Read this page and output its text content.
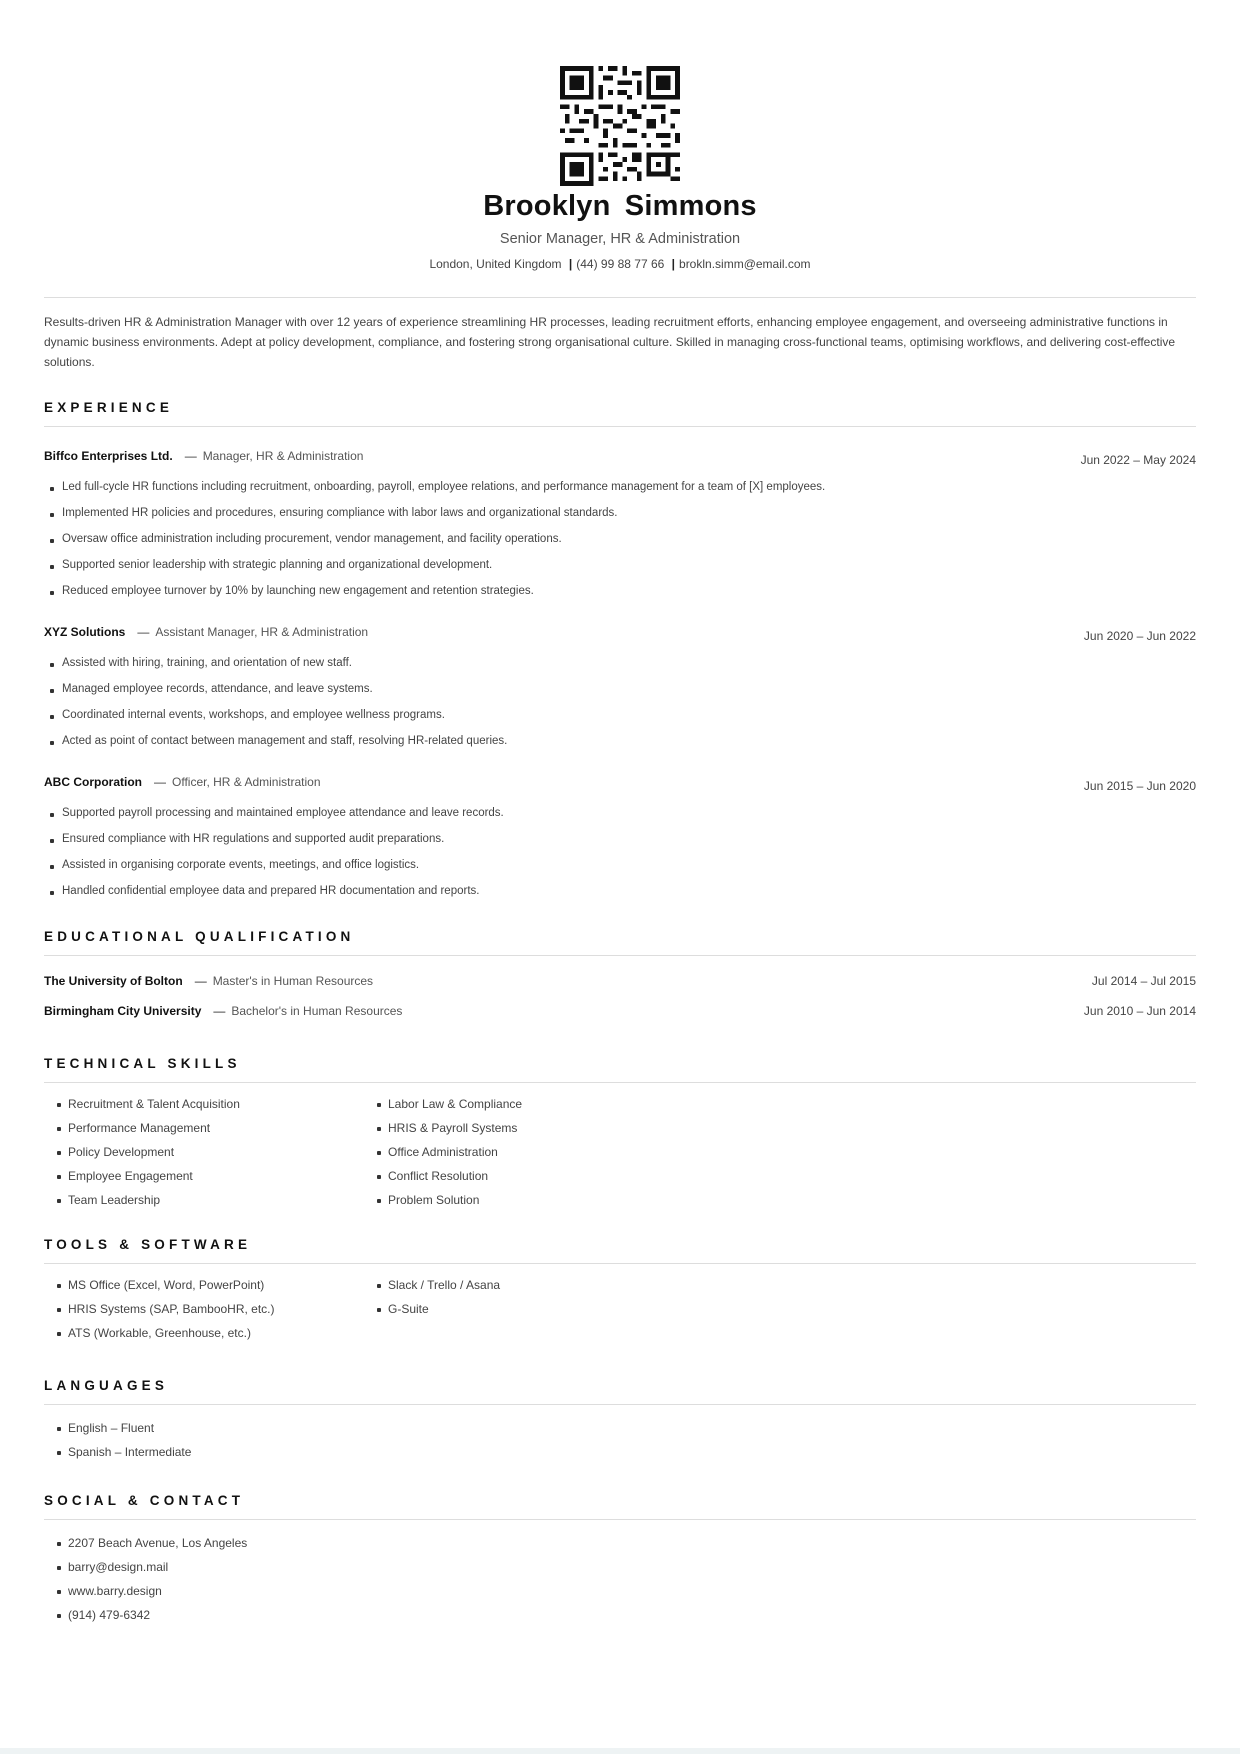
Brooklyn Simmons
Senior Manager, HR & Administration
London, United Kingdom | (44) 99 88 77 66 | brokln.simm@email.com
Results-driven HR & Administration Manager with over 12 years of experience streamlining HR processes, leading recruitment efforts, enhancing employee engagement, and overseeing administrative functions in dynamic business environments. Adept at policy development, compliance, and fostering strong organisational culture. Skilled in managing cross-functional teams, optimising workflows, and delivering cost-effective solutions.
EXPERIENCE
Biffco Enterprises Ltd. — Manager, HR & Administration	Jun 2022 – May 2024
Led full-cycle HR functions including recruitment, onboarding, payroll, employee relations, and performance management for a team of [X] employees.
Implemented HR policies and procedures, ensuring compliance with labor laws and organizational standards.
Oversaw office administration including procurement, vendor management, and facility operations.
Supported senior leadership with strategic planning and organizational development.
Reduced employee turnover by 10% by launching new engagement and retention strategies.
XYZ Solutions — Assistant Manager, HR & Administration	Jun 2020 – Jun 2022
Assisted with hiring, training, and orientation of new staff.
Managed employee records, attendance, and leave systems.
Coordinated internal events, workshops, and employee wellness programs.
Acted as point of contact between management and staff, resolving HR-related queries.
ABC Corporation — Officer, HR & Administration	Jun 2015 – Jun 2020
Supported payroll processing and maintained employee attendance and leave records.
Ensured compliance with HR regulations and supported audit preparations.
Assisted in organising corporate events, meetings, and office logistics.
Handled confidential employee data and prepared HR documentation and reports.
EDUCATIONAL QUALIFICATION
The University of Bolton — Master's in Human Resources	Jul 2014 – Jul 2015
Birmingham City University — Bachelor's in Human Resources	Jun 2010 – Jun 2014
TECHNICAL SKILLS
Recruitment & Talent Acquisition
Performance Management
Policy Development
Employee Engagement
Team Leadership
Labor Law & Compliance
HRIS & Payroll Systems
Office Administration
Conflict Resolution
Problem Solution
TOOLS & SOFTWARE
MS Office (Excel, Word, PowerPoint)
HRIS Systems (SAP, BambooHR, etc.)
ATS (Workable, Greenhouse, etc.)
Slack / Trello / Asana
G-Suite
LANGUAGES
English – Fluent
Spanish – Intermediate
SOCIAL & CONTACT
2207 Beach Avenue, Los Angeles
barry@design.mail
www.barry.design
(914) 479-6342
